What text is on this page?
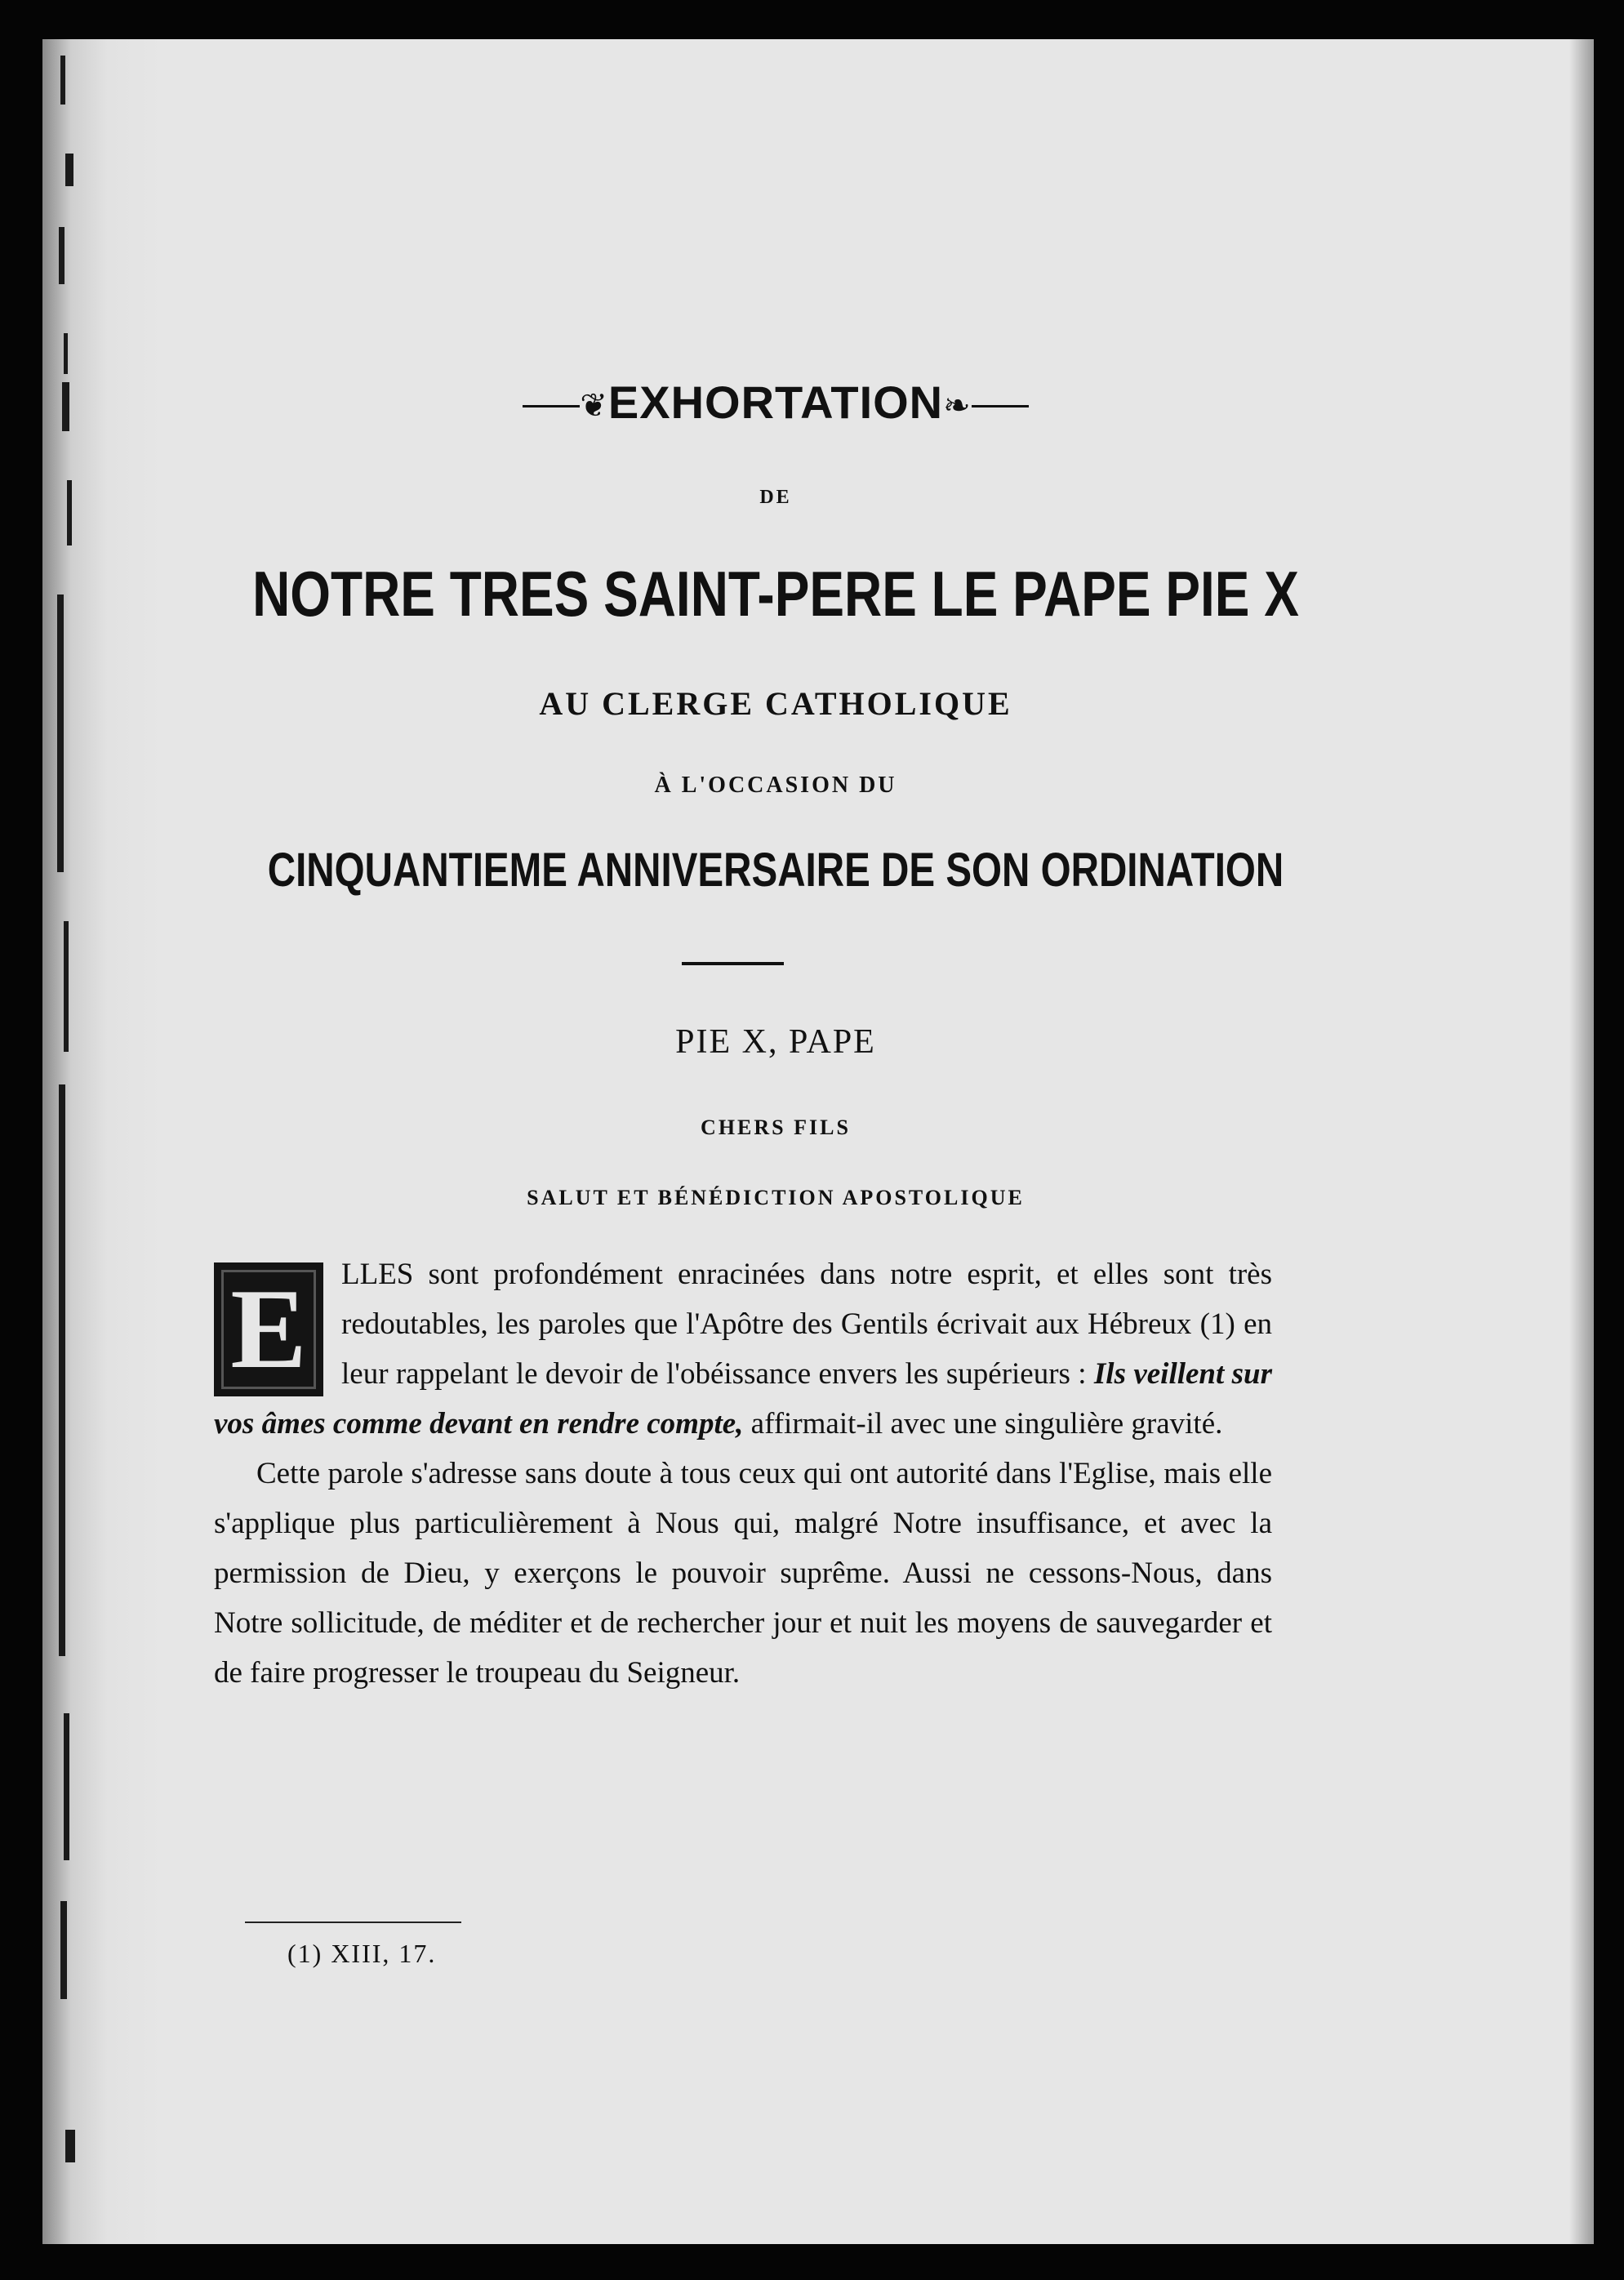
❦EXHORTATION❧
DE
NOTRE TRES SAINT-PERE LE PAPE PIE X
AU CLERGE CATHOLIQUE
À L'OCCASION DU
CINQUANTIEME ANNIVERSAIRE DE SON ORDINATION
PIE X, PAPE
CHERS FILS
SALUT ET BÉNÉDICTION APOSTOLIQUE

E	LLES sont profondément enracinées dans notre esprit, et elles sont très redoutables, les paroles que l'Apôtre des Gentils écrivait aux Hébreux (1) en leur rappelant le devoir de l'obéissance envers les supérieurs : Ils veillent sur vos âmes comme devant en rendre compte, affirmait-il avec une singulière gravité.

Cette parole s'adresse sans doute à tous ceux qui ont autorité dans l'Eglise, mais elle s'applique plus particulièrement à Nous qui, malgré Notre insuffisance, et avec la permission de Dieu, y exerçons le pouvoir suprême. Aussi ne cessons-Nous, dans Notre sollicitude, de méditer et de rechercher jour et nuit les moyens de sauvegarder et de faire progresser le troupeau du Seigneur.

(1) XIII, 17.
